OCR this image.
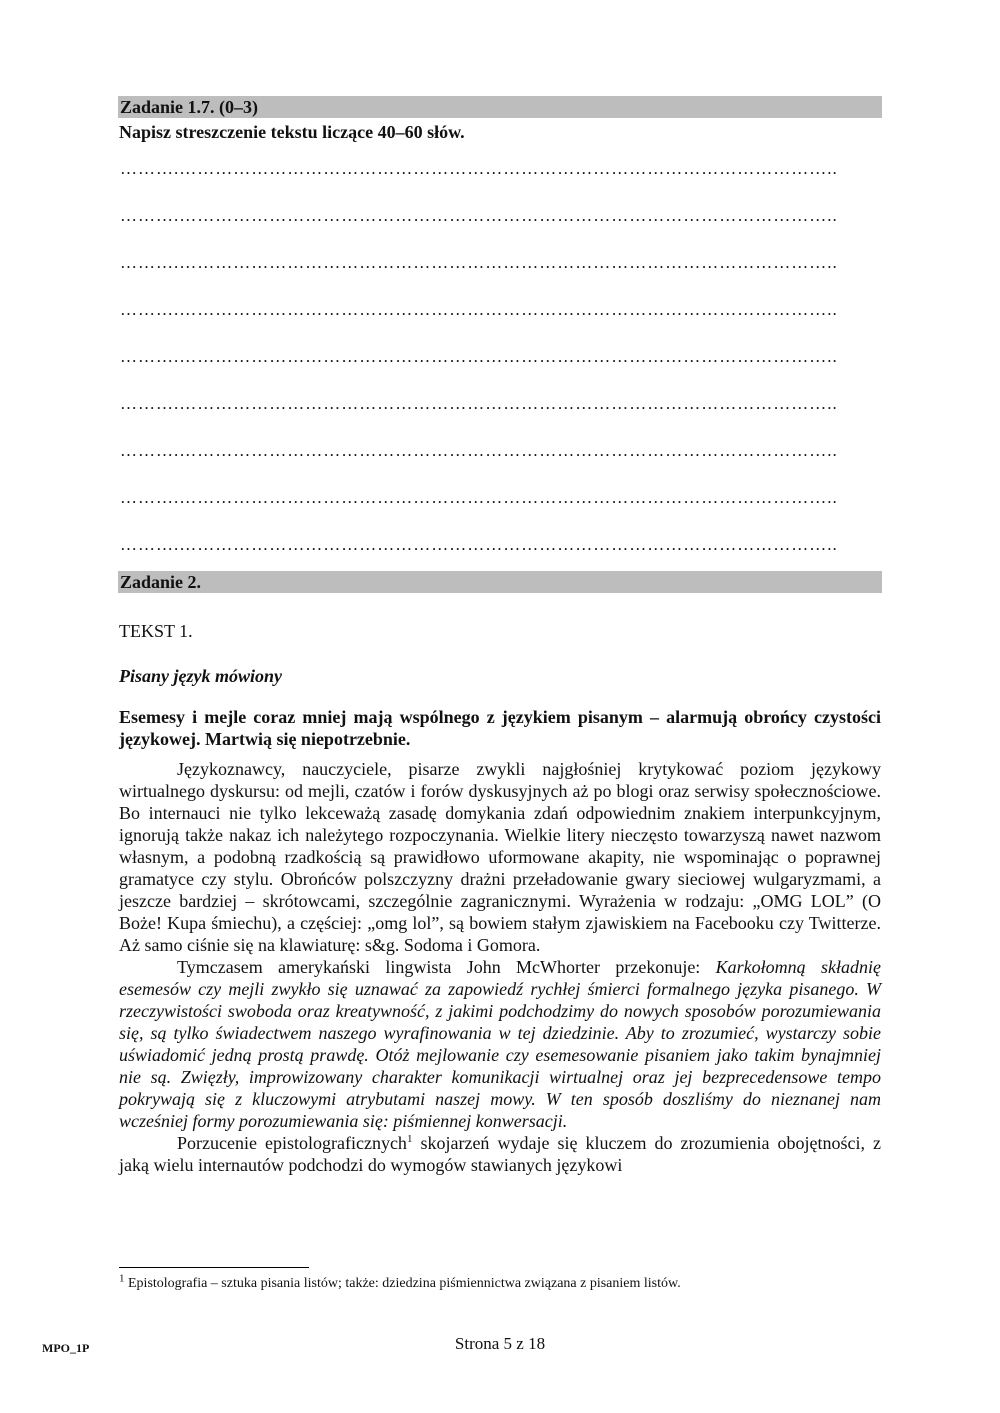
Zadanie 1.7. (0–3)
Napisz streszczenie tekstu liczące 40–60 słów.
……….………………………………………………………………………………………………..
……….………………………………………………………………………………………………..
……….………………………………………………………………………………………………..
……….………………………………………………………………………………………………..
……….………………………………………………………………………………………………..
……….………………………………………………………………………………………………..
……….………………………………………………………………………………………………..
……….………………………………………………………………………………………………..
……….………………………………………………………………………………………………..
Zadanie 2.
TEKST 1.
Pisany język mówiony

Esemesy i mejle coraz mniej mają wspólnego z językiem pisanym – alarmują obrońcy czystości językowej. Martwią się niepotrzebnie.

Językoznawcy, nauczyciele, pisarze zwykli najgłośniej krytykować poziom językowy wirtualnego dyskursu: od mejli, czatów i forów dyskusyjnych aż po blogi oraz serwisy społecznościowe. Bo internauci nie tylko lekceważą zasadę domykania zdań odpowiednim znakiem interpunkcyjnym, ignorują także nakaz ich należytego rozpoczynania. Wielkie litery nieczęsto towarzyszą nawet nazwom własnym, a podobną rzadkością są prawidłowo uformowane akapity, nie wspominając o poprawnej gramatyce czy stylu. Obrońców polszczyzny drażni przeładowanie gwary sieciowej wulgaryzmami, a jeszcze bardziej – skrótowcami, szczególnie zagranicznymi. Wyrażenia w rodzaju: „OMG LOL” (O Boże! Kupa śmiechu), a częściej: „omg lol”, są bowiem stałym zjawiskiem na Facebooku czy Twitterze. Aż samo ciśnie się na klawiaturę: s&g. Sodoma i Gomora.

Tymczasem amerykański lingwista John McWhorter przekonuje: Karkołomną składnię esemesów czy mejli zwykło się uznawać za zapowiedź rychłej śmierci formalnego języka pisanego. W rzeczywistości swoboda oraz kreatywność, z jakimi podchodzimy do nowych sposobów porozumiewania się, są tylko świadectwem naszego wyrafinowania w tej dziedzinie. Aby to zrozumieć, wystarczy sobie uświadomić jedną prostą prawdę. Otóż mejlowanie czy esemesowanie pisaniem jako takim bynajmniej nie są. Zwięzły, improwizowany charakter komunikacji wirtualnej oraz jej bezprecedensowe tempo pokrywają się z kluczowymi atrybutami naszej mowy. W ten sposób doszliśmy do nieznanej nam wcześniej formy porozumiewania się: piśmiennej konwersacji.

Porzucenie epistolograficznych$^1$ skojarzeń wydaje się kluczem do zrozumienia obojętności, z jaką wielu internautów podchodzi do wymogów stawianych językowi

$^1$ Epistolografia – sztuka pisania listów; także: dziedzina piśmiennictwa związana z pisaniem listów.
MPO_1P	Strona 5 z 18
